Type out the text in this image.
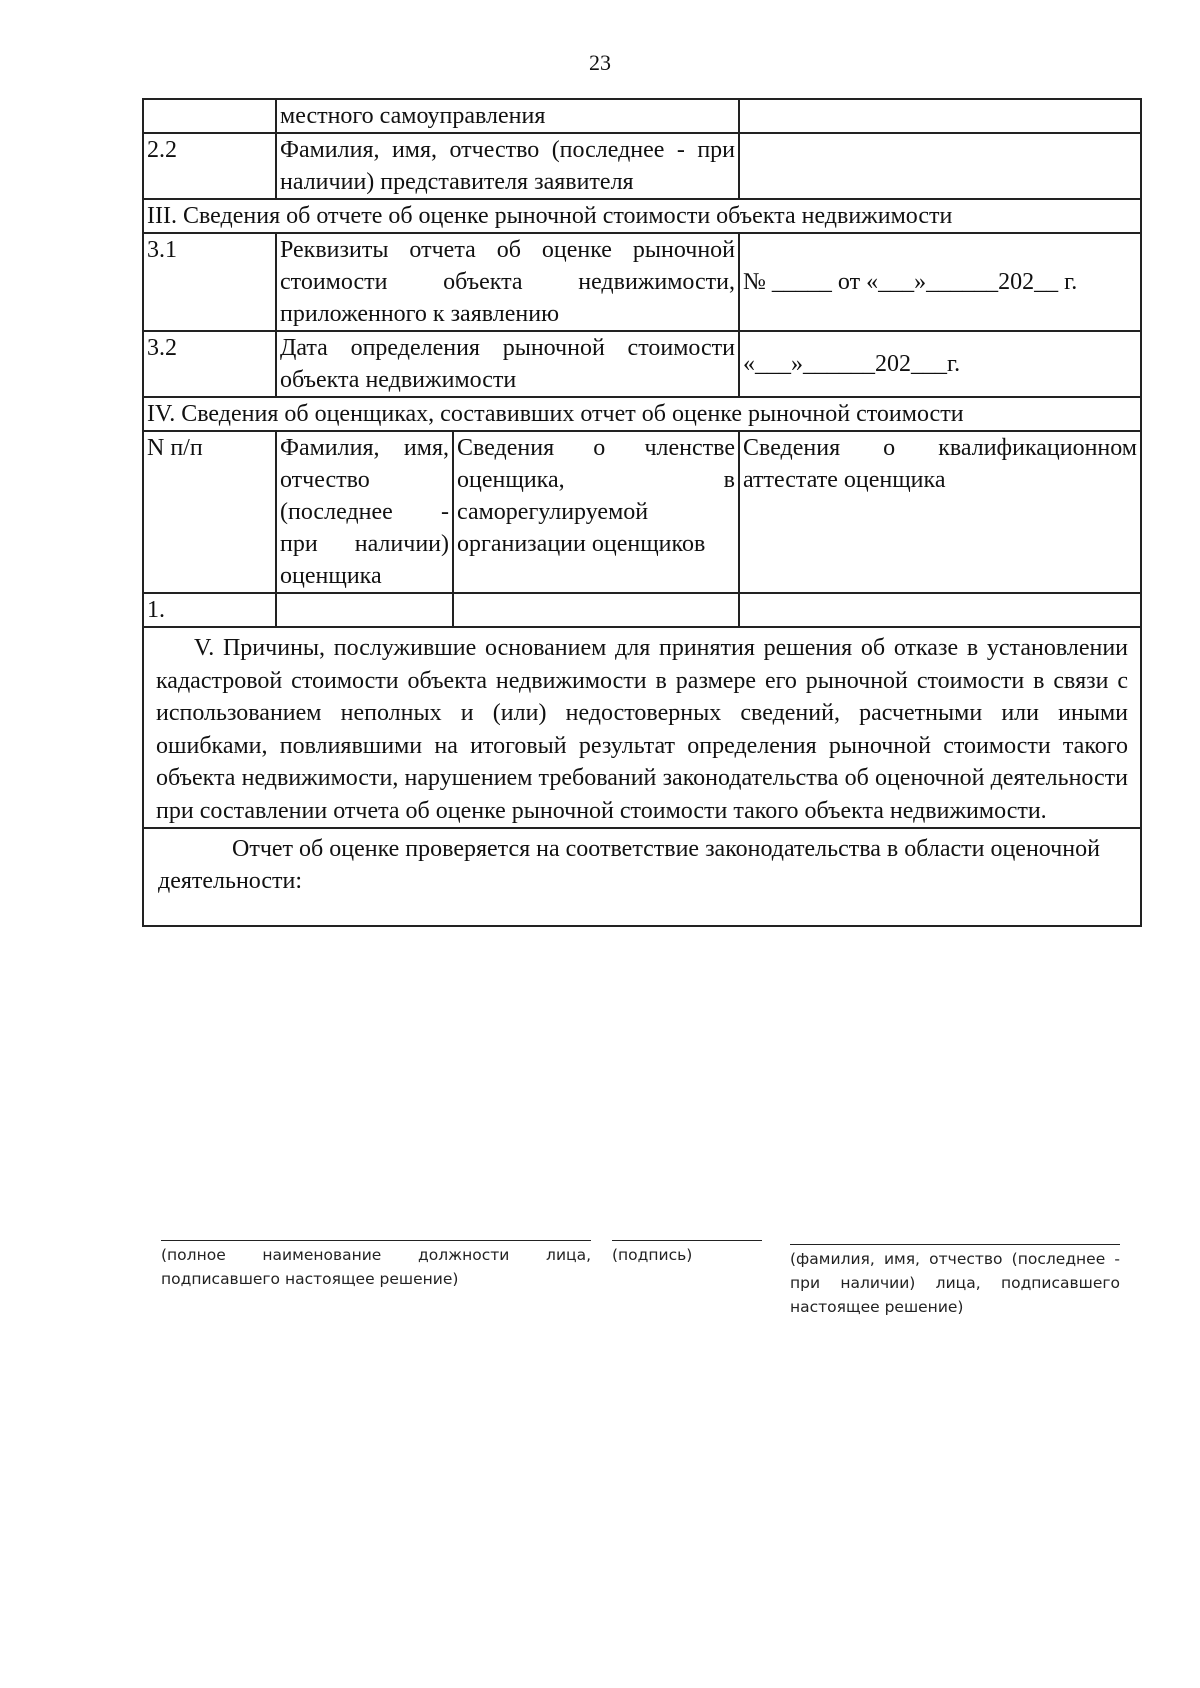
23
	местного самоуправления		
2.2	Фамилия, имя, отчество (последнее - при наличии) представителя заявителя		
III. Сведения об отчете об оценке рыночной стоимости объекта недвижимости			
3.1	Реквизиты отчета об оценке рыночной стоимости объекта недвижимости, приложенного к заявлению		№ _____ от «___»______202__ г.
3.2	Дата определения рыночной стоимости объекта недвижимости		«___»______202___г.
IV. Сведения об оценщиках, составивших отчет об оценке рыночной стоимости			
N п/п	Фамилия, имя, отчество (последнее - при наличии) оценщика	Сведения о членстве оценщика, в саморегулируемой организации оценщиков	Сведения о квалификационном аттестате оценщика
1.			
V. Причины, послужившие основанием для принятия решения об отказе в установлении кадастровой стоимости объекта недвижимости в размере его рыночной стоимости в связи с использованием неполных и (или) недостоверных сведений, расчетными или иными ошибками, повлиявшими на итоговый результат определения рыночной стоимости такого объекта недвижимости, нарушением требований законодательства об оценочной деятельности при составлении отчета об оценке рыночной стоимости такого объекта недвижимости.			
Отчет об оценке проверяется на соответствие законодательства в области оценочной деятельности:			
(полное наименование должности лица, подписавшего настоящее решение)
(подпись)	(фамилия, имя, отчество (последнее - при наличии) лица, подписавшего настоящее решение)
